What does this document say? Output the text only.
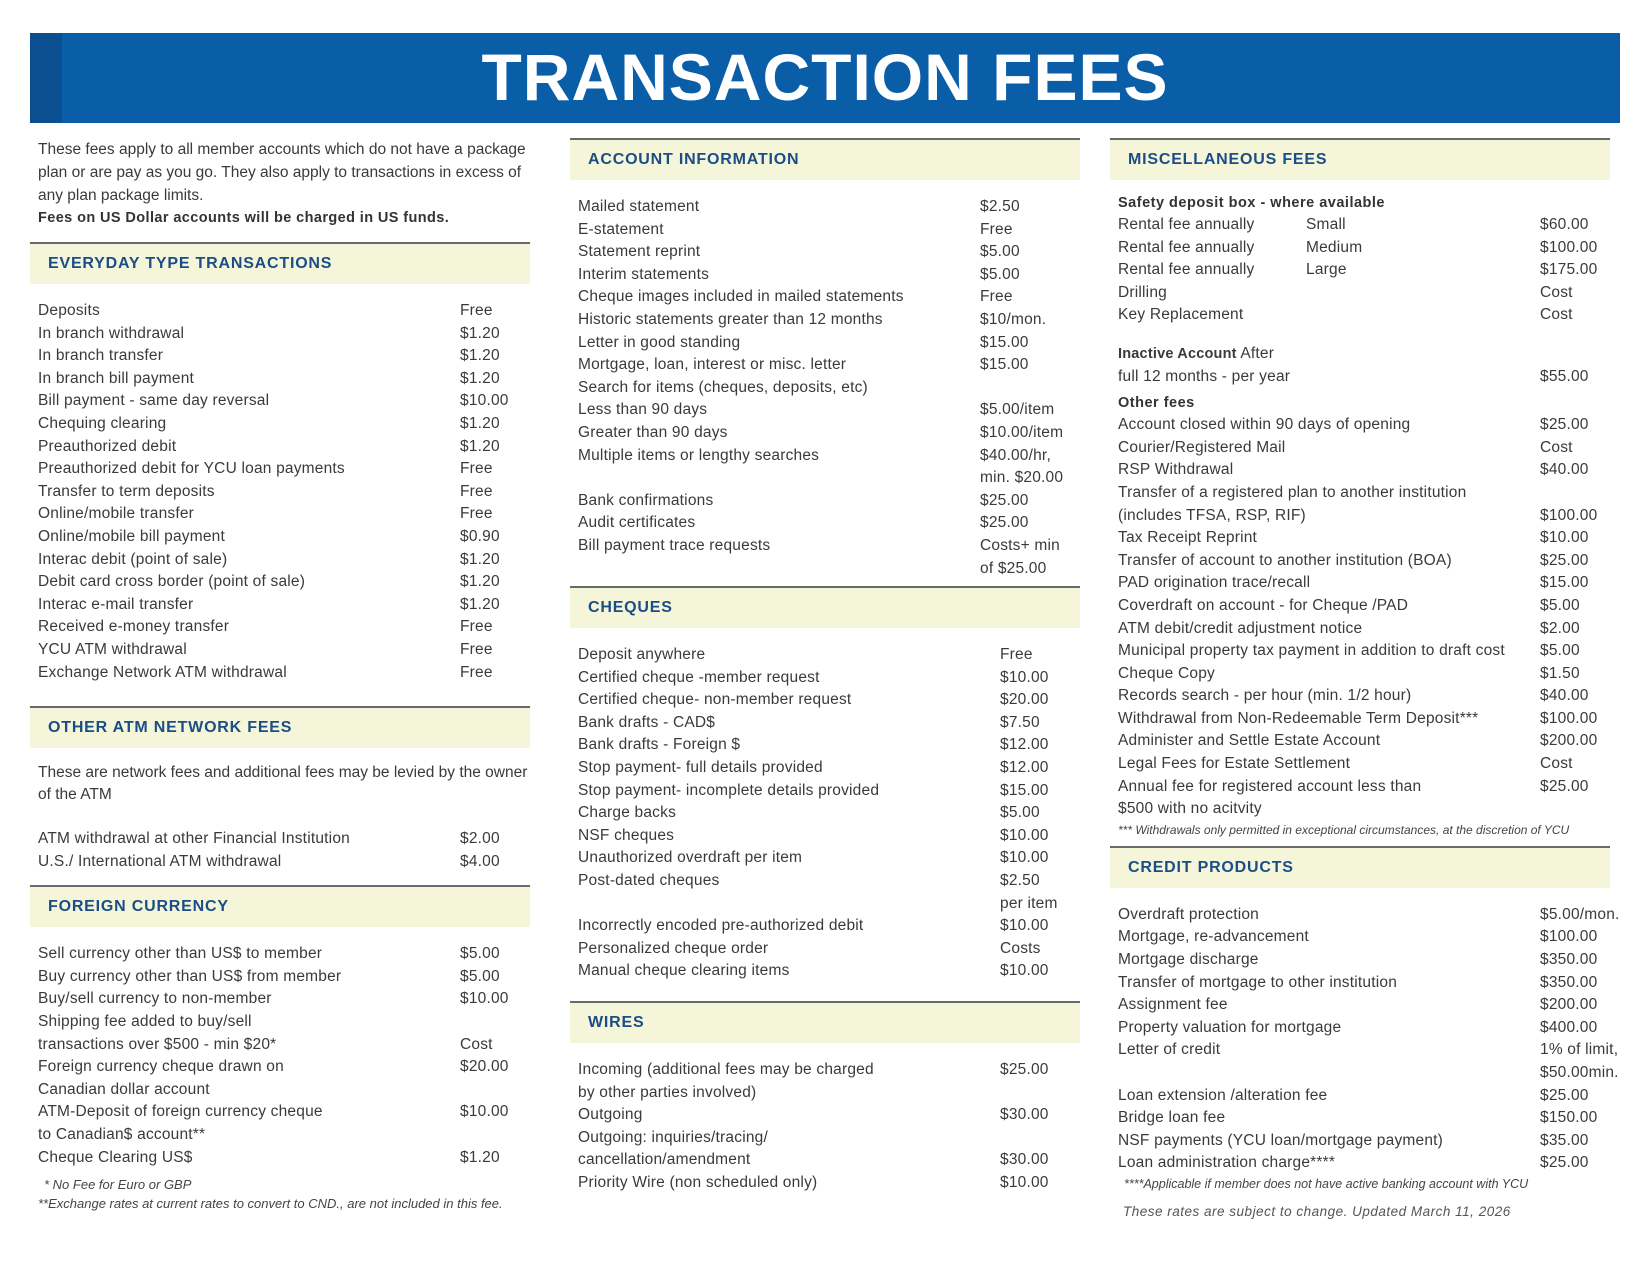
TRANSACTION FEES
These fees apply to all member accounts which do not have a package plan or are pay as you go. They also apply to transactions in excess of any plan package limits.
Fees on US Dollar accounts will be charged in US funds.
EVERYDAY TYPE TRANSACTIONS
Deposits	Free
In branch withdrawal	$1.20
In branch transfer	$1.20
In branch bill payment	$1.20
Bill payment - same day reversal	$10.00
Chequing clearing	$1.20
Preauthorized debit	$1.20
Preauthorized debit for YCU loan payments	Free
Transfer to term deposits	Free
Online/mobile transfer	Free
Online/mobile bill payment	$0.90
Interac debit (point of sale)	$1.20
Debit card cross border (point of sale)	$1.20
Interac e-mail transfer	$1.20
Received e-money transfer	Free
YCU ATM withdrawal	Free
Exchange Network ATM withdrawal	Free
OTHER ATM NETWORK FEES
These are network fees and additional fees may be levied by the owner of the ATM
ATM withdrawal at other Financial Institution	$2.00
U.S./ International ATM withdrawal	$4.00
FOREIGN CURRENCY
Sell currency other than US$ to member	$5.00
Buy currency other than US$ from member	$5.00
Buy/sell currency to non-member	$10.00
Shipping fee added to buy/sell
transactions over $500 - min $20*	Cost
Foreign currency cheque drawn on	$20.00
Canadian dollar account
ATM-Deposit of foreign currency cheque	$10.00
to Canadian$ account**
Cheque Clearing US$	$1.20
* No Fee for Euro or GBP
**Exchange rates at current rates to convert to CND., are not included in this fee.
ACCOUNT INFORMATION
Mailed statement	$2.50
E-statement	Free
Statement reprint	$5.00
Interim statements	$5.00
Cheque images included in mailed statements	Free
Historic statements greater than 12 months	$10/mon.
Letter in good standing	$15.00
Mortgage, loan, interest or misc. letter	$15.00
Search for items (cheques, deposits, etc)
Less than 90 days	$5.00/item
Greater than 90 days	$10.00/item
Multiple items or lengthy searches	$40.00/hr,
min. $20.00
Bank confirmations	$25.00
Audit certificates	$25.00
Bill payment trace requests	Costs+ min
of $25.00
CHEQUES
Deposit anywhere	Free
Certified cheque -member request	$10.00
Certified cheque- non-member request	$20.00
Bank drafts - CAD$	$7.50
Bank drafts - Foreign $	$12.00
Stop payment- full details provided	$12.00
Stop payment- incomplete details provided	$15.00
Charge backs	$5.00
NSF cheques	$10.00
Unauthorized overdraft per item	$10.00
Post-dated cheques	$2.50
per item
Incorrectly encoded pre-authorized debit	$10.00
Personalized cheque order	Costs
Manual cheque clearing items	$10.00
WIRES
Incoming (additional fees may be charged	$25.00
by other parties involved)
Outgoing	$30.00
Outgoing: inquiries/tracing/
cancellation/amendment	$30.00
Priority Wire (non scheduled only)	$10.00
MISCELLANEOUS FEES
Safety deposit box - where available
Rental fee annually	Small	$60.00
Rental fee annually	Medium	$100.00
Rental fee annually	Large	$175.00
Drilling	Cost
Key Replacement	Cost
Inactive Account After
full 12 months - per year	$55.00
Other fees
Account closed within 90 days of opening	$25.00
Courier/Registered Mail	Cost
RSP Withdrawal	$40.00
Transfer of a registered plan to another institution
(includes TFSA, RSP, RIF)	$100.00
Tax Receipt Reprint	$10.00
Transfer of account to another institution (BOA)	$25.00
PAD origination trace/recall	$15.00
Coverdraft on account - for Cheque /PAD	$5.00
ATM debit/credit adjustment notice	$2.00
Municipal property tax payment in addition to draft cost $5.00
Cheque Copy	$1.50
Records search - per hour (min. 1/2 hour)	$40.00
Withdrawal from Non-Redeemable Term Deposit***	$100.00
Administer and Settle Estate Account	$200.00
Legal Fees for Estate Settlement	Cost
Annual fee for registered account less than	$25.00
$500 with no acitvity
*** Withdrawals only permitted in exceptional circumstances, at the discretion of YCU
CREDIT PRODUCTS
Overdraft protection	$5.00/mon.
Mortgage, re-advancement	$100.00
Mortgage discharge	$350.00
Transfer of mortgage to other institution	$350.00
Assignment fee	$200.00
Property valuation for mortgage	$400.00
Letter of credit	1% of limit,
$50.00min.
Loan extension /alteration fee	$25.00
Bridge loan fee	$150.00
NSF payments (YCU loan/mortgage payment)	$35.00
Loan administration charge****	$25.00
****Applicable if member does not have active banking account with YCU
These rates are subject to change. Updated March 11, 2026
